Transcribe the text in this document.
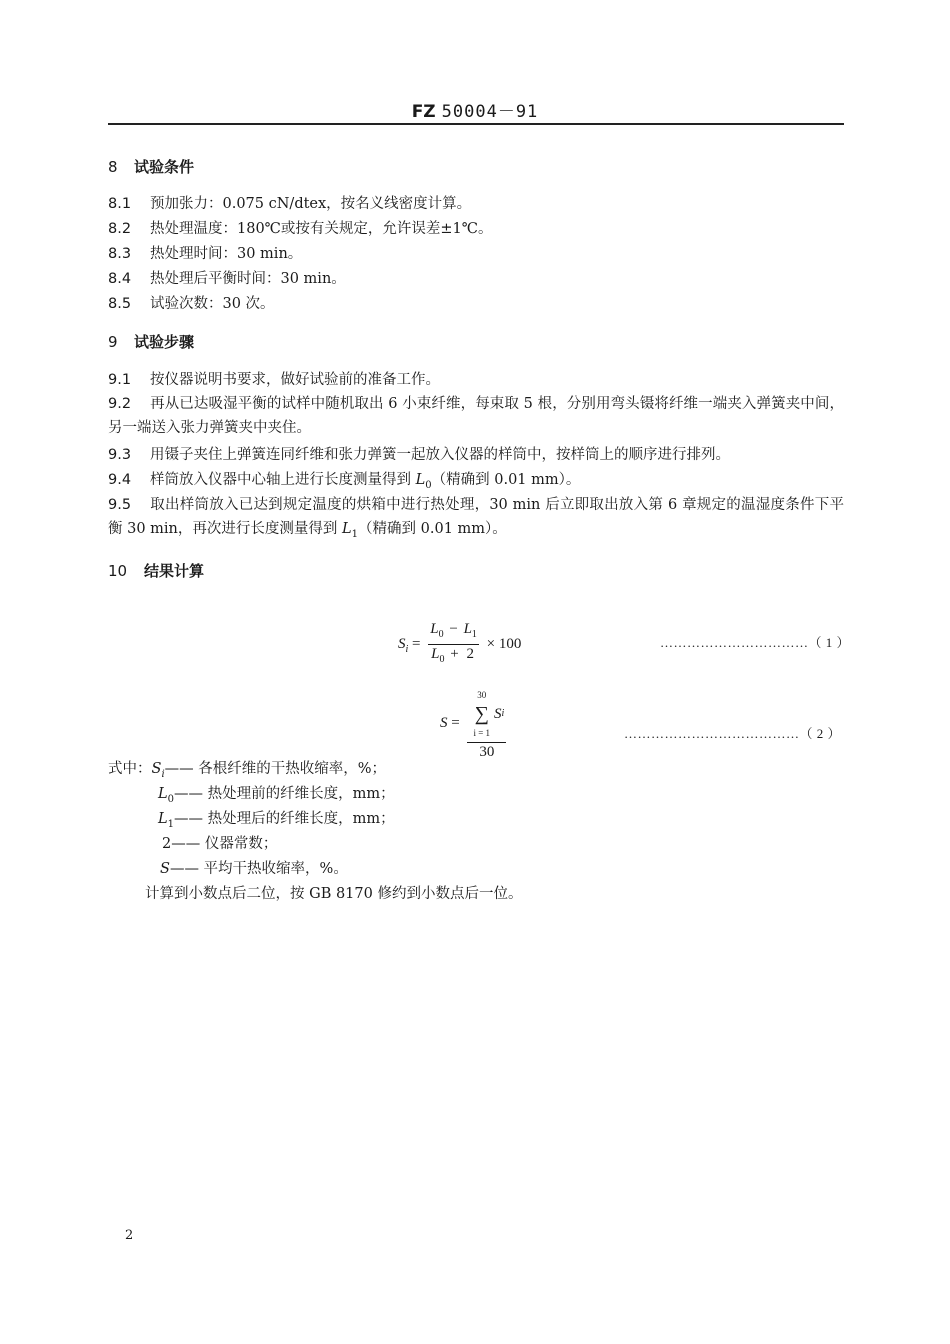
FZ 50004－91
8 试验条件
8.1 预加张力：0.075 cN/dtex，按名义线密度计算。
8.2 热处理温度：180℃或按有关规定，允许误差±1℃。
8.3 热处理时间：30 min。
8.4 热处理后平衡时间：30 min。
8.5 试验次数：30 次。
9 试验步骤
9.1 按仪器说明书要求，做好试验前的准备工作。
9.2 再从已达吸湿平衡的试样中随机取出 6 小束纤维，每束取 5 根，分别用弯头镊将纤维一端夹入弹簧夹中间，另一端送入张力弹簧夹中夹住。
9.3 用镊子夹住上弹簧连同纤维和张力弹簧一起放入仪器的样筒中，按样筒上的顺序进行排列。
9.4 样筒放入仪器中心轴上进行长度测量得到 $L_0$（精确到 0.01 mm）。
9.5 取出样筒放入已达到规定温度的烘箱中进行热处理，30 min 后立即取出放入第 6 章规定的温湿度条件下平衡 30 min，再次进行长度测量得到 $L_1$（精确到 0.01 mm）。
10 结果计算
$S_i = \frac{L_0 - L_1}{L_0 + 2} \times 100$	……………………………（ 1 ）
S = 30
∑
i = 1
S i
30	…………………………………（ 2 ）
式中：$S_i——$ 各根纤维的干热收缩率，%；
$L_0——$ 热处理前的纤维长度，mm；
$L_1——$ 热处理后的纤维长度，mm；
2—— 仪器常数；
S—— 平均干热收缩率，%。
计算到小数点后二位，按 GB 8170 修约到小数点后一位。
2
